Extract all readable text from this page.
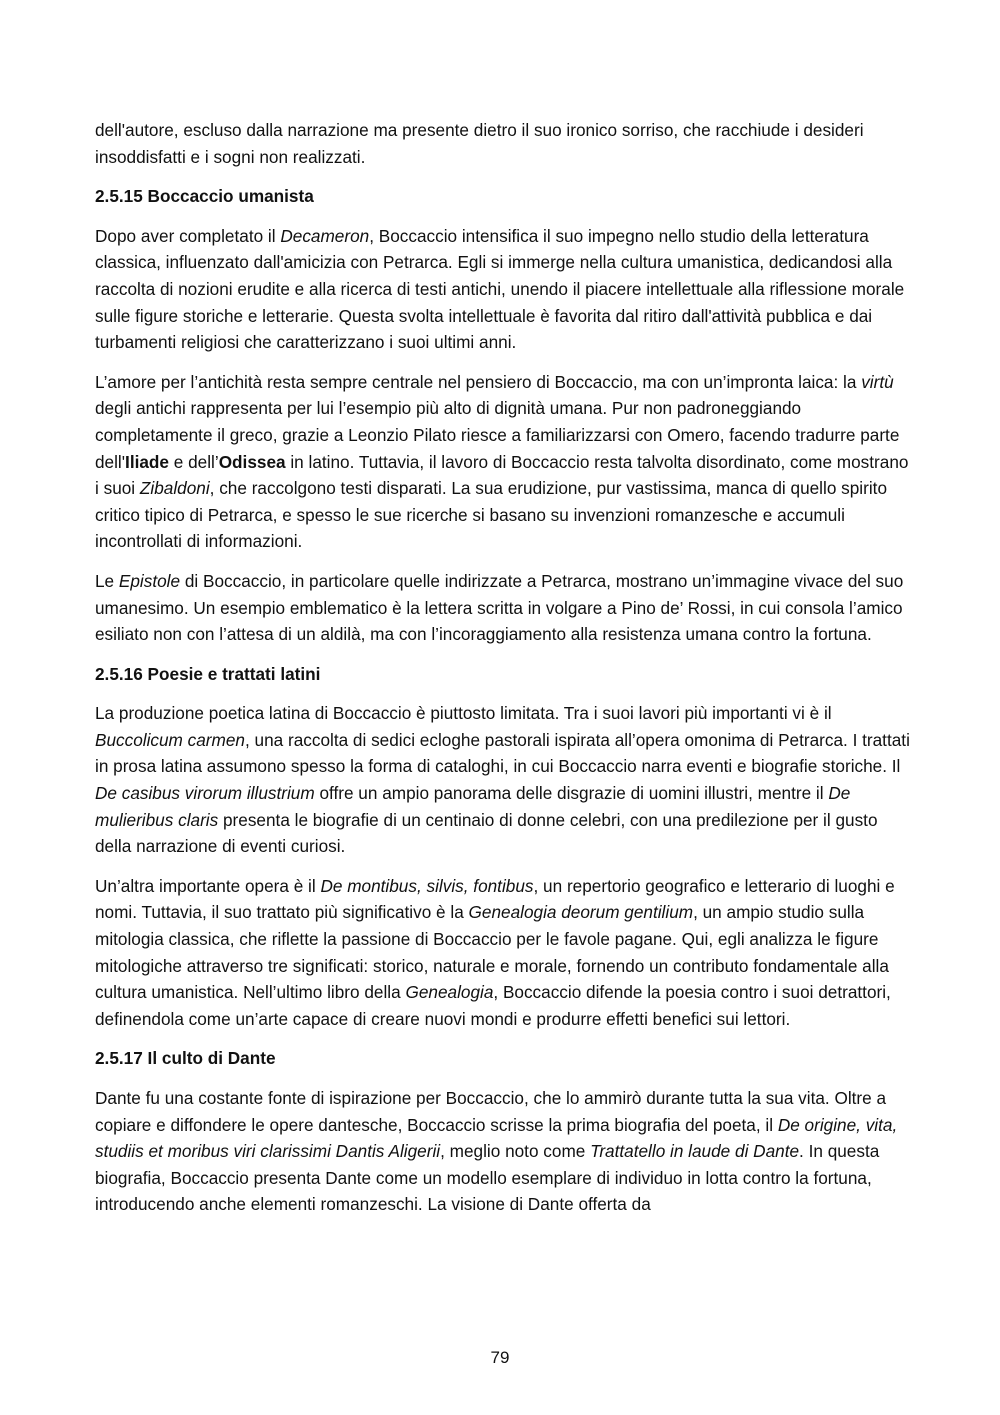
dell'autore, escluso dalla narrazione ma presente dietro il suo ironico sorriso, che racchiude i desideri insoddisfatti e i sogni non realizzati.

2.5.15 Boccaccio umanista

Dopo aver completato il Decameron, Boccaccio intensifica il suo impegno nello studio della letteratura classica, influenzato dall'amicizia con Petrarca. Egli si immerge nella cultura umanistica, dedicandosi alla raccolta di nozioni erudite e alla ricerca di testi antichi, unendo il piacere intellettuale alla riflessione morale sulle figure storiche e letterarie. Questa svolta intellettuale è favorita dal ritiro dall'attività pubblica e dai turbamenti religiosi che caratterizzano i suoi ultimi anni.

L’amore per l’antichità resta sempre centrale nel pensiero di Boccaccio, ma con un’impronta laica: la virtù degli antichi rappresenta per lui l’esempio più alto di dignità umana. Pur non padroneggiando completamente il greco, grazie a Leonzio Pilato riesce a familiarizzarsi con Omero, facendo tradurre parte dell'Iliade e dell’Odissea in latino. Tuttavia, il lavoro di Boccaccio resta talvolta disordinato, come mostrano i suoi Zibaldoni, che raccolgono testi disparati. La sua erudizione, pur vastissima, manca di quello spirito critico tipico di Petrarca, e spesso le sue ricerche si basano su invenzioni romanzesche e accumuli incontrollati di informazioni.

Le Epistole di Boccaccio, in particolare quelle indirizzate a Petrarca, mostrano un’immagine vivace del suo umanesimo. Un esempio emblematico è la lettera scritta in volgare a Pino de’ Rossi, in cui consola l’amico esiliato non con l’attesa di un aldilà, ma con l’incoraggiamento alla resistenza umana contro la fortuna.

2.5.16 Poesie e trattati latini

La produzione poetica latina di Boccaccio è piuttosto limitata. Tra i suoi lavori più importanti vi è il Buccolicum carmen, una raccolta di sedici ecloghe pastorali ispirata all’opera omonima di Petrarca. I trattati in prosa latina assumono spesso la forma di cataloghi, in cui Boccaccio narra eventi e biografie storiche. Il De casibus virorum illustrium offre un ampio panorama delle disgrazie di uomini illustri, mentre il De mulieribus claris presenta le biografie di un centinaio di donne celebri, con una predilezione per il gusto della narrazione di eventi curiosi.

Un’altra importante opera è il De montibus, silvis, fontibus, un repertorio geografico e letterario di luoghi e nomi. Tuttavia, il suo trattato più significativo è la Genealogia deorum gentilium, un ampio studio sulla mitologia classica, che riflette la passione di Boccaccio per le favole pagane. Qui, egli analizza le figure mitologiche attraverso tre significati: storico, naturale e morale, fornendo un contributo fondamentale alla cultura umanistica. Nell’ultimo libro della Genealogia, Boccaccio difende la poesia contro i suoi detrattori, definendola come un’arte capace di creare nuovi mondi e produrre effetti benefici sui lettori.

2.5.17 Il culto di Dante

Dante fu una costante fonte di ispirazione per Boccaccio, che lo ammirò durante tutta la sua vita. Oltre a copiare e diffondere le opere dantesche, Boccaccio scrisse la prima biografia del poeta, il De origine, vita, studiis et moribus viri clarissimi Dantis Aligerii, meglio noto come Trattatello in laude di Dante. In questa biografia, Boccaccio presenta Dante come un modello esemplare di individuo in lotta contro la fortuna, introducendo anche elementi romanzeschi. La visione di Dante offerta da

79
